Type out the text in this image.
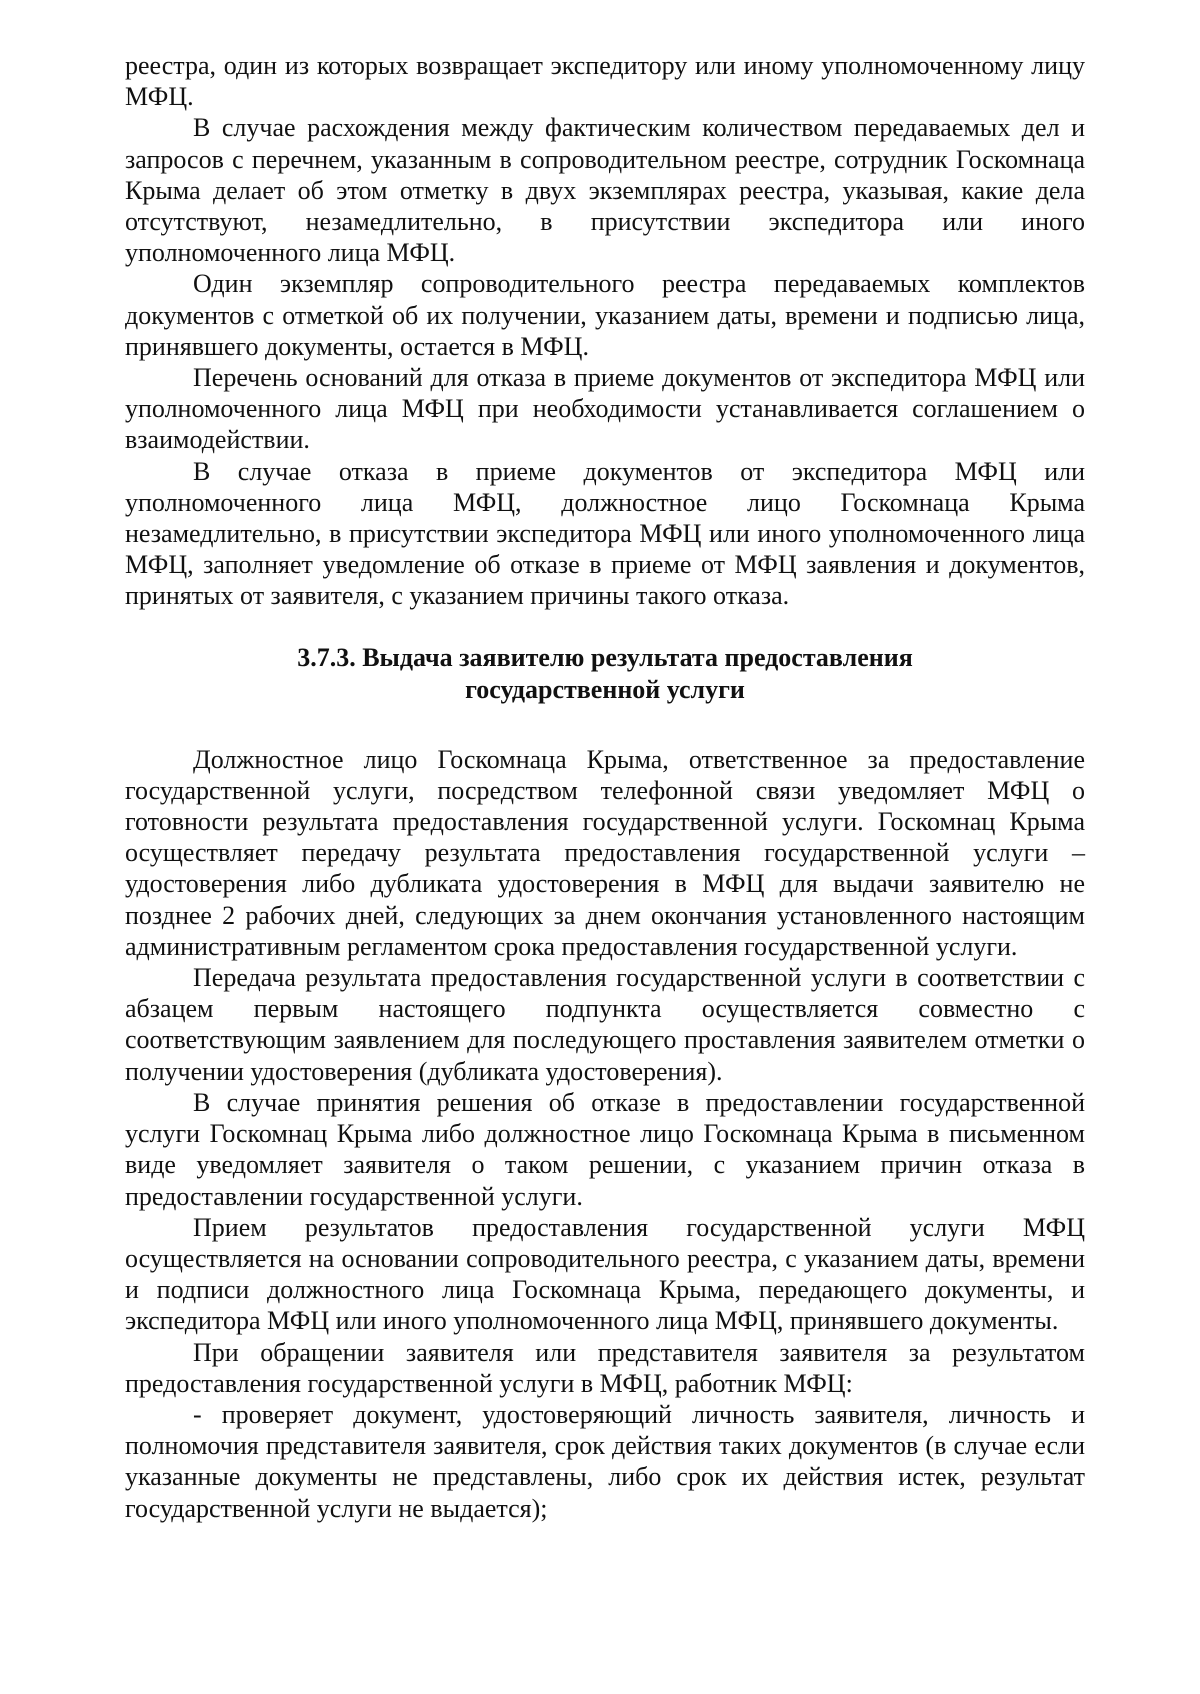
реестра, один из которых возвращает экспедитору или иному уполномоченному лицу МФЦ.

В случае расхождения между фактическим количеством передаваемых дел и запросов с перечнем, указанным в сопроводительном реестре, сотрудник Госкомнаца Крыма делает об этом отметку в двух экземплярах реестра, указывая, какие дела отсутствуют, незамедлительно, в присутствии экспедитора или иного уполномоченного лица МФЦ.

Один экземпляр сопроводительного реестра передаваемых комплектов документов с отметкой об их получении, указанием даты, времени и подписью лица, принявшего документы, остается в МФЦ.

Перечень оснований для отказа в приеме документов от экспедитора МФЦ или уполномоченного лица МФЦ при необходимости устанавливается соглашением о взаимодействии.

В случае отказа в приеме документов от экспедитора МФЦ или уполномоченного лица МФЦ, должностное лицо Госкомнаца Крыма незамедлительно, в присутствии экспедитора МФЦ или иного уполномоченного лица МФЦ, заполняет уведомление об отказе в приеме от МФЦ заявления и документов, принятых от заявителя, с указанием причины такого отказа.

3.7.3. Выдача заявителю результата предоставления
государственной услуги

Должностное лицо Госкомнаца Крыма, ответственное за предоставление государственной услуги, посредством телефонной связи уведомляет МФЦ о готовности результата предоставления государственной услуги. Госкомнац Крыма осуществляет передачу результата предоставления государственной услуги – удостоверения либо дубликата удостоверения в МФЦ для выдачи заявителю не позднее 2 рабочих дней, следующих за днем окончания установленного настоящим административным регламентом срока предоставления государственной услуги.

Передача результата предоставления государственной услуги в соответствии с абзацем первым настоящего подпункта осуществляется совместно с соответствующим заявлением для последующего проставления заявителем отметки о получении удостоверения (дубликата удостоверения).

В случае принятия решения об отказе в предоставлении государственной услуги Госкомнац Крыма либо должностное лицо Госкомнаца Крыма в письменном виде уведомляет заявителя о таком решении, с указанием причин отказа в предоставлении государственной услуги.

Прием результатов предоставления государственной услуги МФЦ осуществляется на основании сопроводительного реестра, с указанием даты, времени и подписи должностного лица Госкомнаца Крыма, передающего документы, и экспедитора МФЦ или иного уполномоченного лица МФЦ, принявшего документы.

При обращении заявителя или представителя заявителя за результатом предоставления государственной услуги в МФЦ, работник МФЦ:

- проверяет документ, удостоверяющий личность заявителя, личность и полномочия представителя заявителя, срок действия таких документов (в случае если указанные документы не представлены, либо срок их действия истек, результат государственной услуги не выдается);
